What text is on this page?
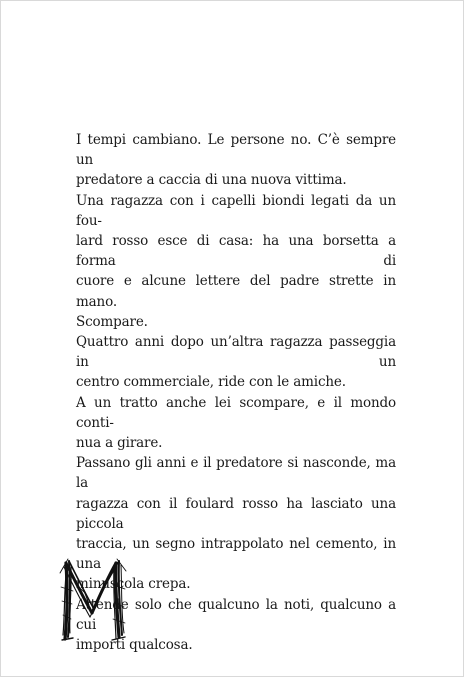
I tempi cambiano. Le persone no. C’è sempre un
predatore a caccia di una nuova vittima.
Una ragazza con i capelli biondi legati da un fou-
lard rosso esce di casa: ha una borsetta a forma di
cuore e alcune lettere del padre strette in mano.
Scompare.
Quattro anni dopo un’altra ragazza passeggia in un
centro commerciale, ride con le amiche.
A un tratto anche lei scompare, e il mondo conti-
nua a girare.
Passano gli anni e il predatore si nasconde, ma la
ragazza con il foulard rosso ha lasciato una piccola
traccia, un segno intrappolato nel cemento, in una
minuscola crepa.
Attende solo che qualcuno la noti, qualcuno a cui
importi qualcosa.
